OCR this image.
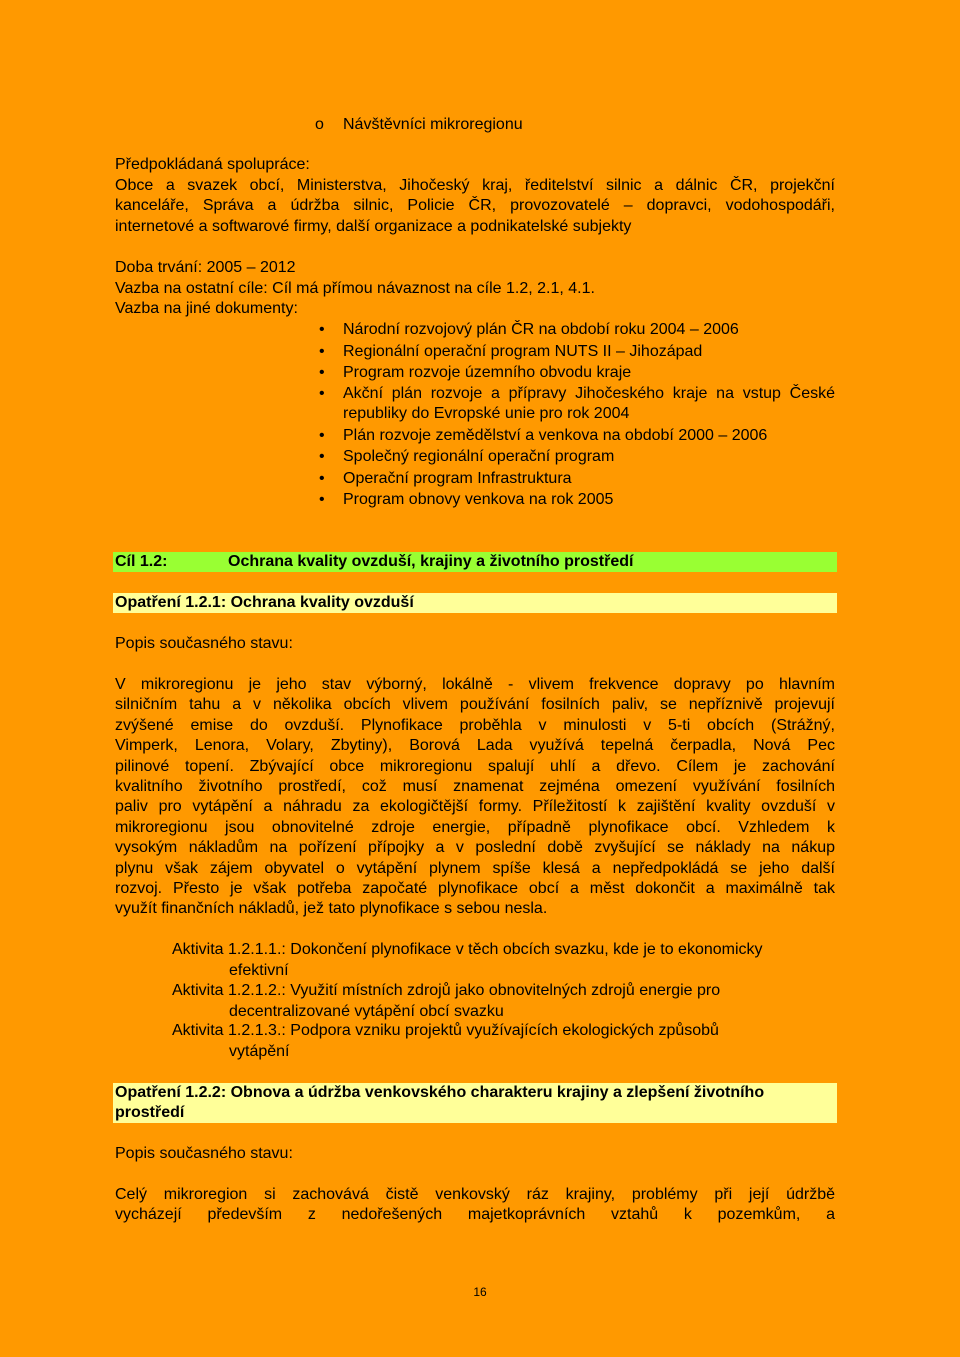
o Návštěvníci mikroregionu
Předpokládaná spolupráce:
Obce a svazek obcí, Ministerstva, Jihočeský kraj, ředitelství silnic a dálnic ČR, projekční
kanceláře, Správa a údržba silnic, Policie ČR, provozovatelé – dopravci, vodohospodáři,
internetové a softwarové firmy, další organizace a podnikatelské subjekty
Doba trvání: 2005 – 2012
Vazba na ostatní cíle: Cíl má přímou návaznost na cíle 1.2, 2.1, 4.1.
Vazba na jiné dokumenty:
• Národní rozvojový plán ČR na období roku 2004 – 2006
• Regionální operační program NUTS II – Jihozápad
• Program rozvoje územního obvodu kraje
• Akční plán rozvoje a přípravy Jihočeského kraje na vstup České republiky do Evropské unie pro rok 2004
• Plán rozvoje zemědělství a venkova na období 2000 – 2006
• Společný regionální operační program
• Operační program Infrastruktura
• Program obnovy venkova na rok 2005
Cíl 1.2:	Ochrana kvality ovzduší, krajiny a životního prostředí
Opatření 1.2.1: Ochrana kvality ovzduší
Popis současného stavu:
V mikroregionu je jeho stav výborný, lokálně - vlivem frekvence dopravy po hlavním
silničním tahu a v několika obcích vlivem používání fosilních paliv, se nepříznivě projevují
zvýšené emise do ovzduší. Plynofikace proběhla v minulosti v 5-ti obcích (Strážný,
Vimperk, Lenora, Volary, Zbytiny), Borová Lada využívá tepelná čerpadla, Nová Pec
pilinové topení. Zbývající obce mikroregionu spalují uhlí a dřevo. Cílem je zachování
kvalitního životního prostředí, což musí znamenat zejména omezení využívání fosilních
paliv pro vytápění a náhradu za ekologičtější formy. Příležitostí k zajištění kvality ovzduší v
mikroregionu jsou obnovitelné zdroje energie, případně plynofikace obcí. Vzhledem k
vysokým nákladům na pořízení přípojky a v poslední době zvyšující se náklady na nákup
plynu však zájem obyvatel o vytápění plynem spíše klesá a nepředpokládá se jeho další
rozvoj. Přesto je však potřeba započaté plynofikace obcí a měst dokončit a maximálně tak
využít finančních nákladů, jež tato plynofikace s sebou nesla.
Aktivita 1.2.1.1.: Dokončení plynofikace v těch obcích svazku, kde je to ekonomicky
efektivní
Aktivita 1.2.1.2.: Využití místních zdrojů jako obnovitelných zdrojů energie pro
decentralizované vytápění obcí svazku
Aktivita 1.2.1.3.: Podpora vzniku projektů využívajících ekologických způsobů
vytápění
Opatření 1.2.2: Obnova a údržba venkovského charakteru krajiny a zlepšení životního
prostředí
Popis současného stavu:
Celý mikroregion si zachovává čistě venkovský ráz krajiny, problémy při její údržbě
vycházejí především z nedořešených majetkoprávních vztahů k pozemkům, a
16
